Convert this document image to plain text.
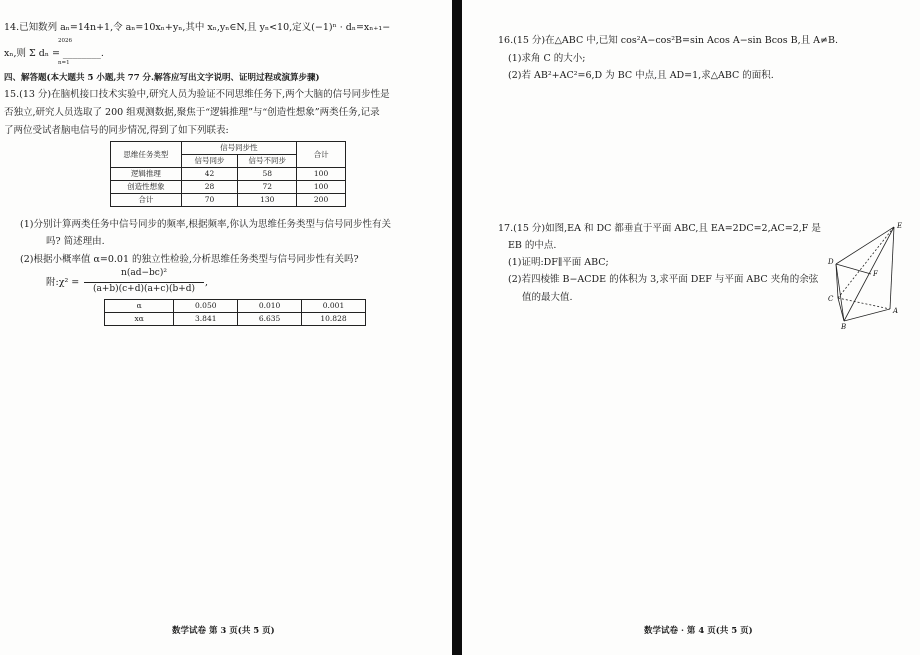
14.已知数列 aₙ=14n+1,令 aₙ=10xₙ+yₙ,其中 xₙ,yₙ∈N,且 yₙ<10,定义(−1)ⁿ · dₙ=xₙ₊₁−
xₙ,则 Σ dₙ = ________.
2026
n=1
四、解答题(本大题共 5 小题,共 77 分.解答应写出文字说明、证明过程或演算步骤)
15.(13 分)在脑机接口技术实验中,研究人员为验证不同思维任务下,两个大脑的信号同步性是
否独立,研究人员选取了 200 组观测数据,聚焦于“逻辑推理”与“创造性想象”两类任务,记录
了两位受试者脑电信号的同步情况,得到了如下列联表:
思维任务类型	信号同步性		合计
	信号同步	信号不同步	
逻辑推理	42	58	100
创造性想象	28	72	100
合计	70	130	200
(1)分别计算两类任务中信号同步的频率,根据频率,你认为思维任务类型与信号同步性有关
吗? 简述理由.
(2)根据小概率值 α=0.01 的独立性检验,分析思维任务类型与信号同步性有关吗?
附:χ² =
n(ad−bc)²
(a+b)(c+d)(a+c)(b+d)
,
α	0.050	0.010	0.001
xα	3.841	6.635	10.828
数学试卷 第 3 页(共 5 页)
16.(15 分)在△ABC 中,已知 cos²A−cos²B=sin Acos A−sin Bcos B,且 A≠B.
(1)求角 C 的大小;
(2)若 AB²+AC²=6,D 为 BC 中点,且 AD=1,求△ABC 的面积.
17.(15 分)如图,EA 和 DC 都垂直于平面 ABC,且 EA=2DC=2,AC=2,F 是
EB 的中点.
(1)证明:DF∥平面 ABC;
(2)若四棱锥 B−ACDE 的体积为 3,求平面 DEF 与平面 ABC 夹角的余弦
值的最大值.
E
D
F
C
A
B
数学试卷 · 第 4 页(共 5 页)
